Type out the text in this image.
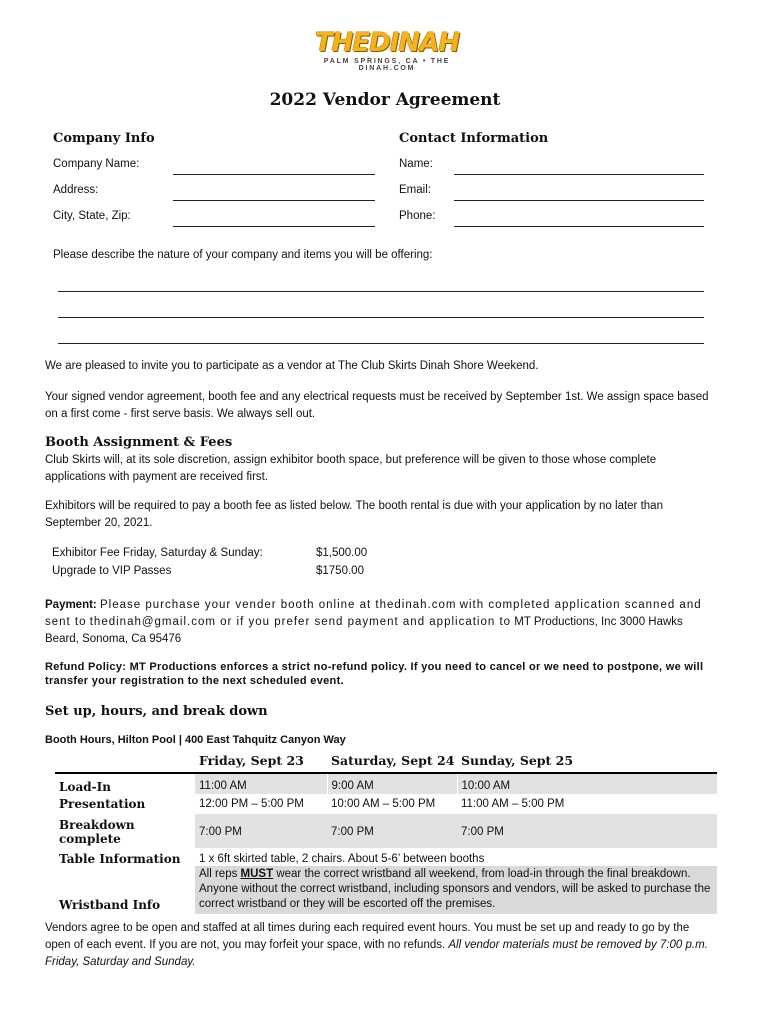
THEDINAH
PALM SPRINGS, CA • THE DINAH.COM
2022 Vendor Agreement
Company Info	Contact Information
Company Name:
Address:
City, State, Zip:
Name:
Email:
Phone:
Please describe the nature of your company and items you will be offering:
We are pleased to invite you to participate as a vendor at The Club Skirts Dinah Shore Weekend.
Your signed vendor agreement, booth fee and any electrical requests must be received by September 1st. We assign space based on a first come - first serve basis. We always sell out.
Booth Assignment & Fees
Club Skirts will, at its sole discretion, assign exhibitor booth space, but preference will be given to those whose complete applications with payment are received first.
Exhibitors will be required to pay a booth fee as listed below. The booth rental is due with your application by no later than September 20, 2021.
Exhibitor Fee Friday, Saturday & Sunday:	$1,500.00
Upgrade to VIP Passes	$1750.00
Payment: Please purchase your vender booth online at thedinah.com with completed application scanned and sent to thedinah@gmail.com or if you prefer send payment and application to MT Productions, Inc 3000 Hawks Beard, Sonoma, Ca 95476
Refund Policy: MT Productions enforces a strict no-refund policy. If you need to cancel or we need to postpone, we will transfer your registration to the next scheduled event.
Set up, hours, and break down
Booth Hours, Hilton Pool | 400 East Tahquitz Canyon Way
	Friday, Sept 23	Saturday, Sept 24	Sunday, Sept 25
Load-In	11:00 AM	9:00 AM	10:00 AM
Presentation	12:00 PM – 5:00 PM	10:00 AM – 5:00 PM	11:00 AM – 5:00 PM
Breakdown complete	7:00 PM	7:00 PM	7:00 PM
Table Information	1 x 6ft skirted table, 2 chairs. About 5-6’ between booths		
Wristband Info	All reps MUST wear the correct wristband all weekend, from load-in through the final breakdown. Anyone without the correct wristband, including sponsors and vendors, will be asked to purchase the correct wristband or they will be escorted off the premises.		
Vendors agree to be open and staffed at all times during each required event hours. You must be set up and ready to go by the open of each event. If you are not, you may forfeit your space, with no refunds. All vendor materials must be removed by 7:00 p.m. Friday, Saturday and Sunday.
